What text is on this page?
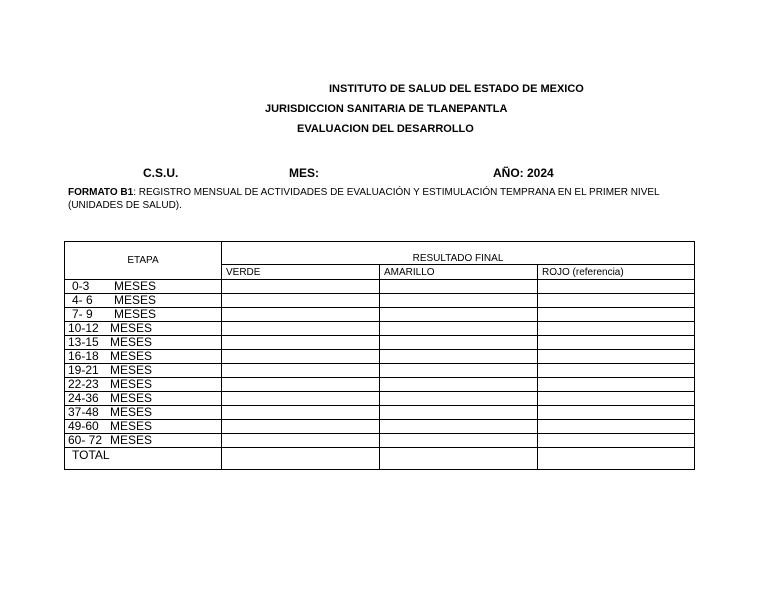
INSTITUTO DE SALUD DEL ESTADO DE MEXICO
JURISDICCION SANITARIA DE TLANEPANTLA
EVALUACION DEL DESARROLLO
C.S.U.	MES:	AÑO: 2024
FORMATO B1: REGISTRO MENSUAL DE ACTIVIDADES DE EVALUACIÓN Y ESTIMULACIÓN TEMPRANA EN EL PRIMER NIVEL (UNIDADES DE SALUD).
ETAPA	RESULTADO FINAL		
	VERDE	AMARILLO	ROJO (referencia)
0-3 MESES			
4- 6 MESES			
7- 9 MESES			
10-12 MESES			
13-15 MESES			
16-18 MESES			
19-21 MESES			
22-23 MESES			
24-36 MESES			
37-48 MESES			
49-60 MESES			
60- 72 MESES			
TOTAL			
